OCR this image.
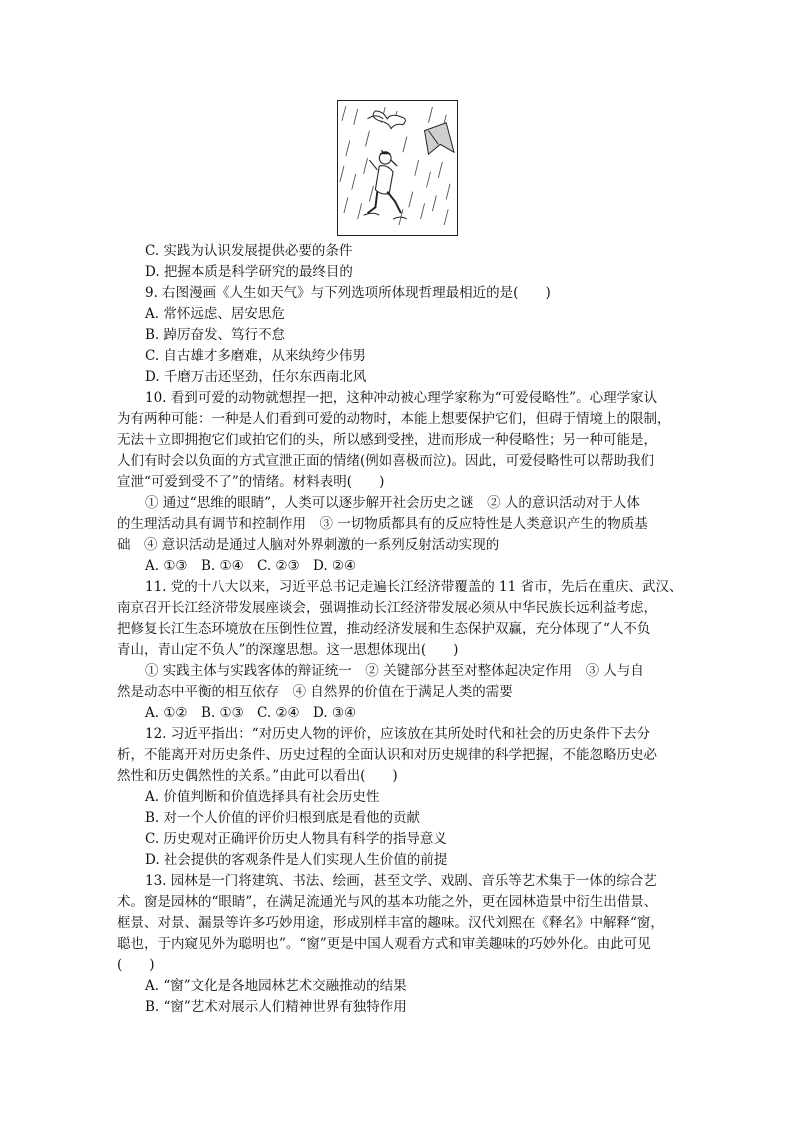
C. 实践为认识发展提供必要的条件
D. 把握本质是科学研究的最终目的
9. 右图漫画《人生如天气》与下列选项所体现哲理最相近的是(　　)
A. 常怀远虑、居安思危
B. 踔厉奋发、笃行不怠
C. 自古雄才多磨难，从来纨绔少伟男
D. 千磨万击还坚劲，任尔东西南北风
10. 看到可爱的动物就想捏一把，这种冲动被心理学家称为“可爱侵略性”。心理学家认
为有两种可能：一种是人们看到可爱的动物时，本能上想要保护它们，但碍于情境上的限制，
无法＋立即拥抱它们或拍它们的头，所以感到受挫，进而形成一种侵略性；另一种可能是，
人们有时会以负面的方式宣泄正面的情绪(例如喜极而泣)。因此，可爱侵略性可以帮助我们
宣泄“可爱到受不了”的情绪。材料表明(　　)
① 通过“思维的眼睛”，人类可以逐步解开社会历史之谜　② 人的意识活动对于人体
的生理活动具有调节和控制作用　③ 一切物质都具有的反应特性是人类意识产生的物质基
础　④ 意识活动是通过人脑对外界刺激的一系列反射活动实现的
A. ①③ B. ①④ C. ②③ D. ②④
11. 党的十八大以来，习近平总书记走遍长江经济带覆盖的 11 省市，先后在重庆、武汉、
南京召开长江经济带发展座谈会，强调推动长江经济带发展必须从中华民族长远利益考虑，
把修复长江生态环境放在压倒性位置，推动经济发展和生态保护双赢，充分体现了“人不负
青山，青山定不负人”的深邃思想。这一思想体现出(　　)
① 实践主体与实践客体的辩证统一　② 关键部分甚至对整体起决定作用　③ 人与自
然是动态中平衡的相互依存　④ 自然界的价值在于满足人类的需要
A. ①② B. ①③ C. ②④ D. ③④
12. 习近平指出：“对历史人物的评价，应该放在其所处时代和社会的历史条件下去分
析，不能离开对历史条件、历史过程的全面认识和对历史规律的科学把握，不能忽略历史必
然性和历史偶然性的关系。”由此可以看出(　　)
A. 价值判断和价值选择具有社会历史性
B. 对一个人价值的评价归根到底是看他的贡献
C. 历史观对正确评价历史人物具有科学的指导意义
D. 社会提供的客观条件是人们实现人生价值的前提
13. 园林是一门将建筑、书法、绘画，甚至文学、戏剧、音乐等艺术集于一体的综合艺
术。窗是园林的“眼睛”，在满足流通光与风的基本功能之外，更在园林造景中衍生出借景、
框景、对景、漏景等许多巧妙用途，形成别样丰富的趣味。汉代刘熙在《释名》中解释“窗，
聪也，于内窥见外为聪明也”。“窗”更是中国人观看方式和审美趣味的巧妙外化。由此可见
(　　)
A. “窗”文化是各地园林艺术交融推动的结果
B. “窗”艺术对展示人们精神世界有独特作用
